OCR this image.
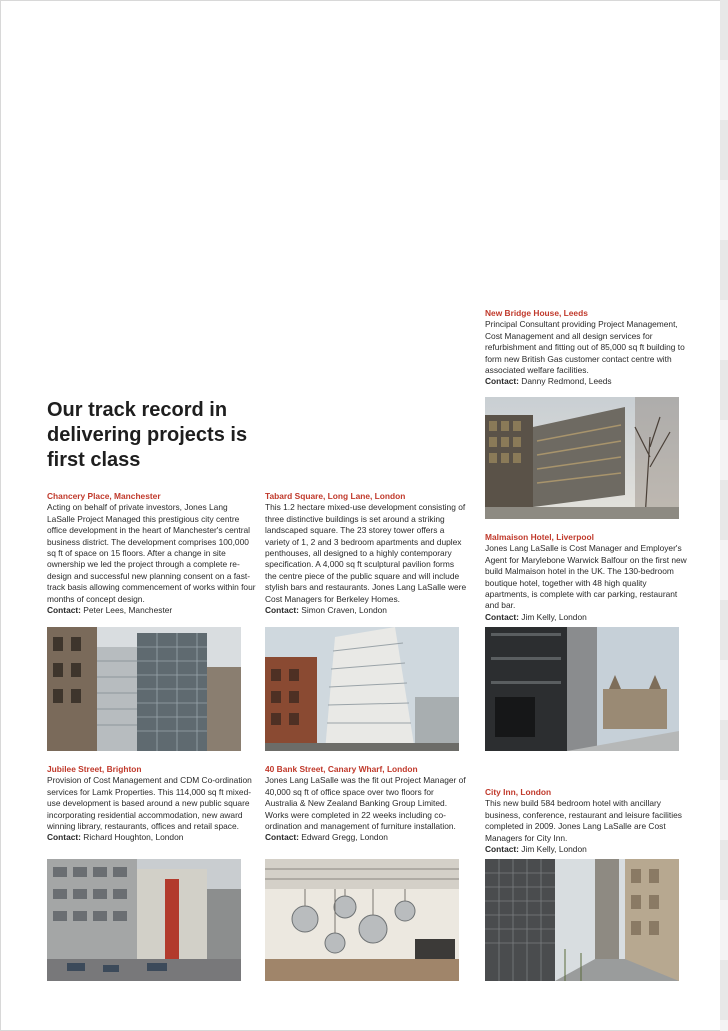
New Bridge House, Leeds
Principal Consultant providing Project Management, Cost Management and all design services for refurbishment and fitting out of 85,000 sq ft building to form new British Gas customer contact centre with associated welfare facilities.
Contact: Danny Redmond, Leeds
Our track record in delivering projects is first class
Chancery Place, Manchester
Acting on behalf of private investors, Jones Lang LaSalle Project Managed this prestigious city centre office development in the heart of Manchester's central business district. The development comprises 100,000 sq ft of space on 15 floors. After a change in site ownership we led the project through a complete re-design and successful new planning consent on a fast-track basis allowing commencement of works within four months of concept design.
Contact: Peter Lees, Manchester
Tabard Square, Long Lane, London
This 1.2 hectare mixed-use development consisting of three distinctive buildings is set around a striking landscaped square. The 23 storey tower offers a variety of 1, 2 and 3 bedroom apartments and duplex penthouses, all designed to a highly contemporary specification. A 4,000 sq ft sculptural pavilion forms the centre piece of the public square and will include stylish bars and restaurants. Jones Lang LaSalle were Cost Managers for Berkeley Homes.
Contact: Simon Craven, London
Malmaison Hotel, Liverpool
Jones Lang LaSalle is Cost Manager and Employer's Agent for Marylebone Warwick Balfour on the first new build Malmaison hotel in the UK. The 130-bedroom boutique hotel, together with 48 high quality apartments, is complete with car parking, restaurant and bar.
Contact: Jim Kelly, London
Jubilee Street, Brighton
Provision of Cost Management and CDM Co-ordination services for Lamk Properties. This 114,000 sq ft mixed-use development is based around a new public square incorporating residential accommodation, new award winning library, restaurants, offices and retail space.
Contact: Richard Houghton, London
40 Bank Street, Canary Wharf, London
Jones Lang LaSalle was the fit out Project Manager of 40,000 sq ft of office space over two floors for Australia & New Zealand Banking Group Limited. Works were completed in 22 weeks including co-ordination and management of furniture installation.
Contact: Edward Gregg, London
City Inn, London
This new build 584 bedroom hotel with ancillary business, conference, restaurant and leisure facilities completed in 2009. Jones Lang LaSalle are Cost Managers for City Inn.
Contact: Jim Kelly, London
